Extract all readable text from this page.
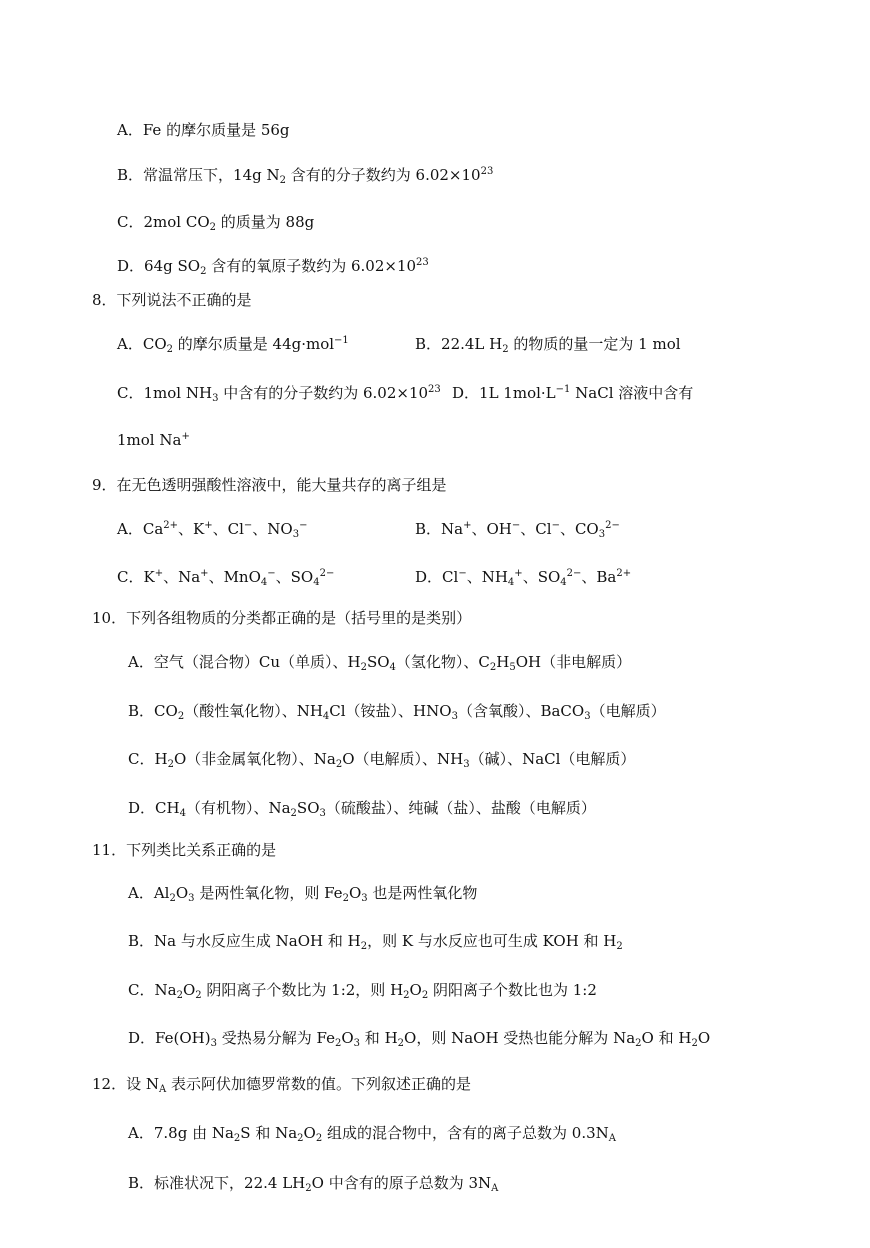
A．Fe 的摩尔质量是 56g
B．常温常压下，14g $N_2$ 含有的分子数约为 $6.02\times 10^{23}$
C．2mol $CO_2$ 的质量为 88g
D．64g $SO_2$ 含有的氧原子数约为 $6.02\times 10^{23}$
8．下列说法不正确的是
A．$CO_2$ 的摩尔质量是 44g·mol$^{-1}$	B．22.4L $H_2$ 的物质的量一定为 1 mol
C．1mol $NH_3$ 中含有的分子数约为 $6.02\times 10^{23}$ D．1L $1mol\cdot L^{-1}$ NaCl 溶液中含有
1mol Na+
9．在无色透明强酸性溶液中，能大量共存的离子组是
A．$Ca^{2+}$、K+、Cl−、$NO_3^-$	B．Na+、OH−、Cl−、$CO_3^{2-}$
C．K+、Na+、MnO$_4$−、$SO_4^{2-}$	D．Cl−、$NH_4^+$、$SO_4^{2-}$、$Ba^{2+}$
10．下列各组物质的分类都正确的是（括号里的是类别）
A．空气（混合物）Cu（单质）、$H_2SO_4$（氢化物）、$C_2H_5OH$（非电解质）
B．$CO_2$（酸性氧化物）、$NH_4Cl$（铵盐）、$HNO_3$（含氧酸）、BaCO$_3$（电解质）
C．$H_2O$（非金属氧化物）、$Na_2O$（电解质）、$NH_3$（碱）、NaCl（电解质）
D．$CH_4$（有机物）、$Na_2SO_3$（硫酸盐）、纯碱（盐）、盐酸（电解质）
11．下列类比关系正确的是
A．$Al_2O_3$ 是两性氧化物，则 $Fe_2O_3$ 也是两性氧化物
B．Na 与水反应生成 NaOH 和 $H_2$，则 K 与水反应也可生成 KOH 和 $H_2$
C．$Na_2O_2$ 阴阳离子个数比为 1:2，则 $H_2O_2$ 阴阳离子个数比也为 1:2
D．$Fe(OH)_3$ 受热易分解为 $Fe_2O_3$ 和 $H_2O$，则 NaOH 受热也能分解为 $Na_2O$ 和 $H_2O$
12．设 $N_A$ 表示阿伏加德罗常数的值。下列叙述正确的是
A．7.8g 由 $Na_2S$ 和 $Na_2O_2$ 组成的混合物中，含有的离子总数为 $0.3N_A$
B．标准状况下，22.4 $LH_2O$ 中含有的原子总数为 $3N_A$
